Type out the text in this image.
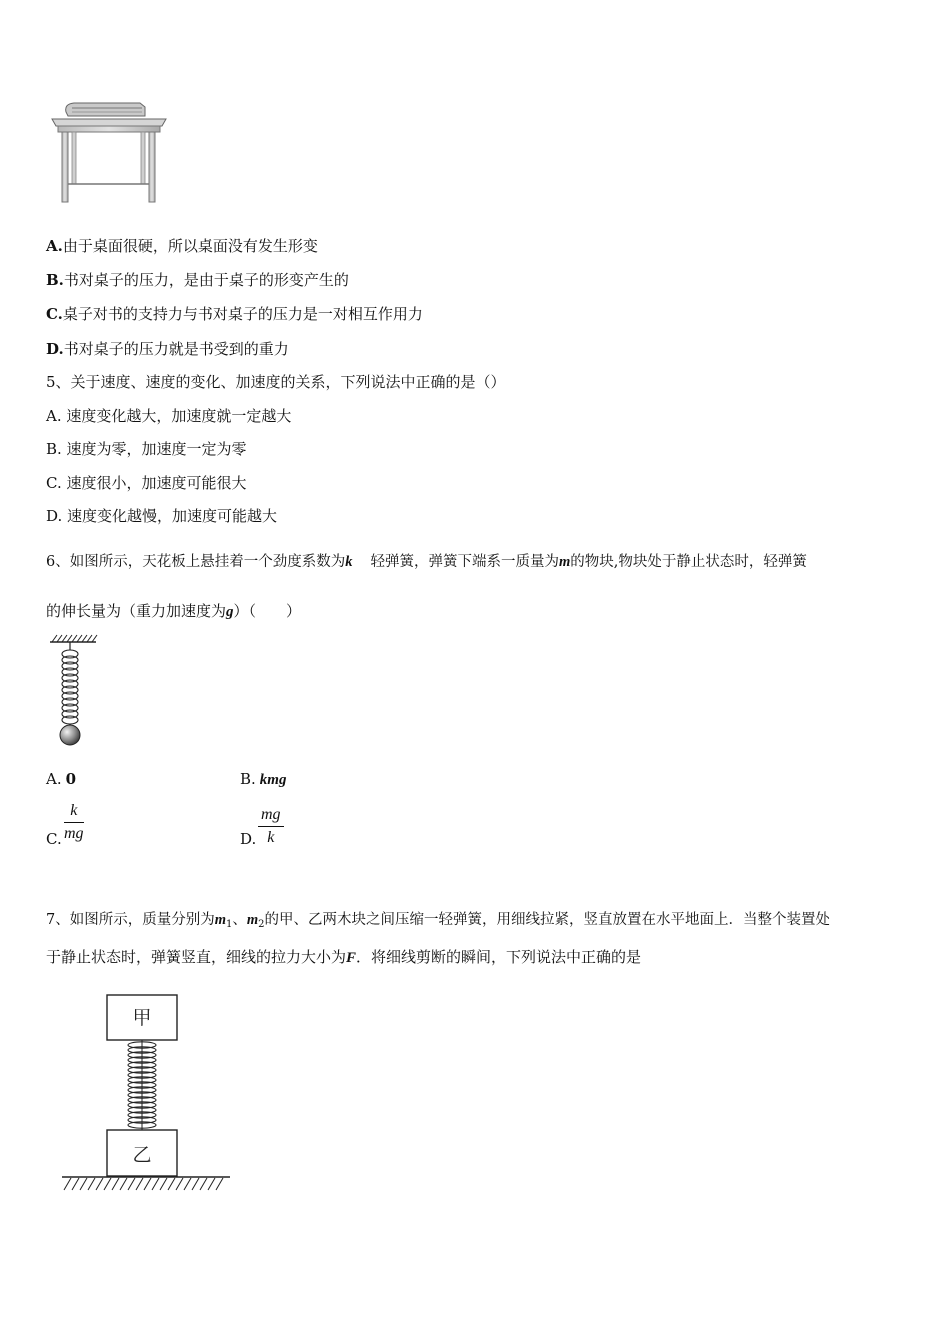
A.由于桌面很硬，所以桌面没有发生形变
B.书对桌子的压力，是由于桌子的形变产生的
C.桌子对书的支持力与书对桌子的压力是一对相互作用力
D.书对桌子的压力就是书受到的重力
5、关于速度、速度的变化、加速度的关系，下列说法中正确的是（）
A. 速度变化越大，加速度就一定越大
B. 速度为零，加速度一定为零
C. 速度很小，加速度可能很大
D. 速度变化越慢，加速度可能越大
6、如图所示，天花板上悬挂着一个劲度系数为k 轻弹簧，弹簧下端系一质量为m的物块,物块处于静止状态时，轻弹簧
的伸长量为（重力加速度为g）（　　）
A. 0	B. kmg
C. $\frac{k}{mg}$	D. $\frac{mg}{k}$
7、如图所示，质量分别为$m_1$、$m_2$的甲、乙两木块之间压缩一轻弹簧，用细线拉紧，竖直放置在水平地面上．当整个装置处
于静止状态时，弹簧竖直，细线的拉力大小为F．将细线剪断的瞬间，下列说法中正确的是
甲
乙
